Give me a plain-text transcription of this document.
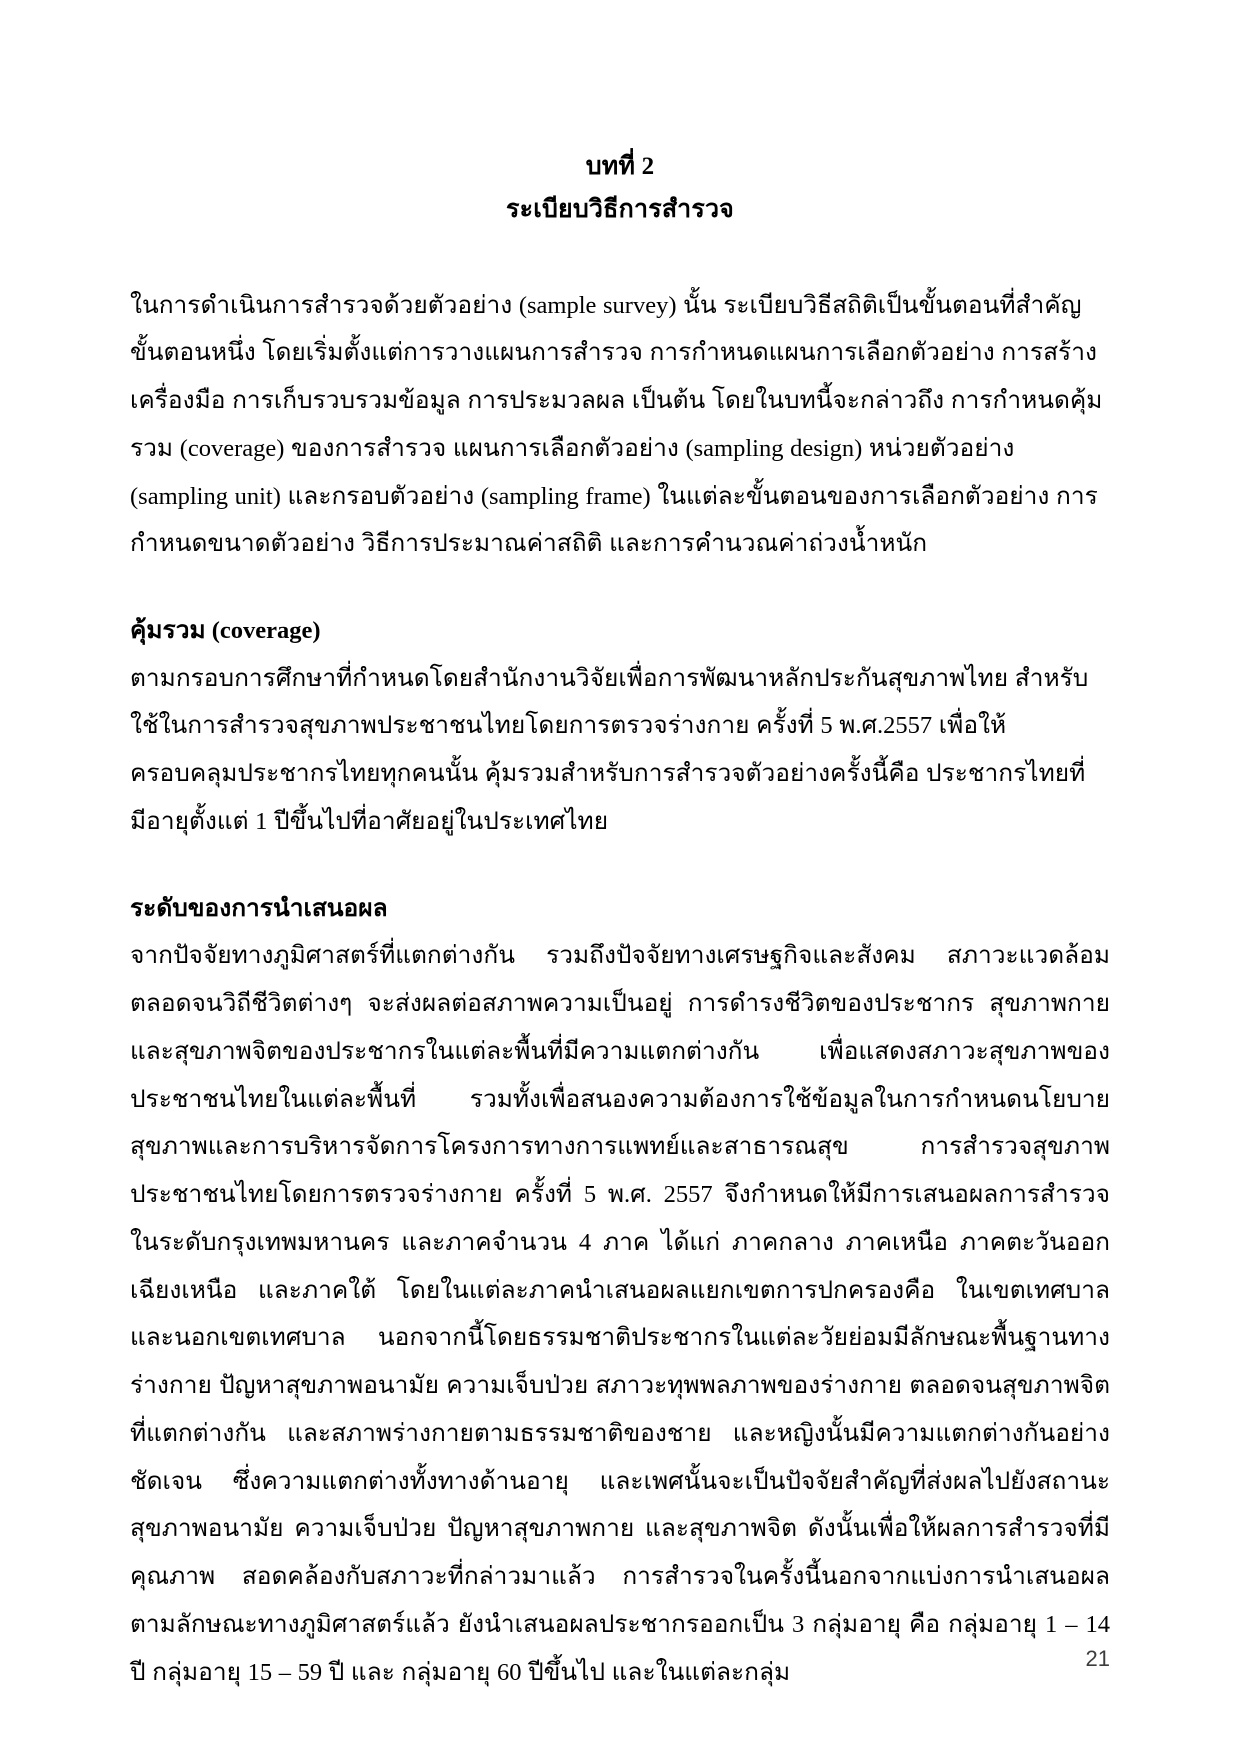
บทที่ 2
ระเบียบวิธีการสำรวจ

ในการดำเนินการสำรวจด้วยตัวอย่าง (sample survey) นั้น ระเบียบวิธีสถิติเป็นขั้นตอนที่สำคัญขั้นตอนหนึ่ง โดยเริ่มตั้งแต่การวางแผนการสำรวจ การกำหนดแผนการเลือกตัวอย่าง การสร้างเครื่องมือ การเก็บรวบรวมข้อมูล การประมวลผล เป็นต้น โดยในบทนี้จะกล่าวถึง การกำหนดคุ้มรวม (coverage) ของการสำรวจ แผนการเลือกตัวอย่าง (sampling design) หน่วยตัวอย่าง (sampling unit) และกรอบตัวอย่าง (sampling frame) ในแต่ละขั้นตอนของการเลือกตัวอย่าง การกำหนดขนาดตัวอย่าง วิธีการประมาณค่าสถิติ และการคำนวณค่าถ่วงน้ำหนัก

คุ้มรวม (coverage)

ตามกรอบการศึกษาที่กำหนดโดยสำนักงานวิจัยเพื่อการพัฒนาหลักประกันสุขภาพไทย สำหรับใช้ในการสำรวจสุขภาพประชาชนไทยโดยการตรวจร่างกาย ครั้งที่ 5 พ.ศ.2557 เพื่อให้ครอบคลุมประชากรไทยทุกคนนั้น คุ้มรวมสำหรับการสำรวจตัวอย่างครั้งนี้คือ ประชากรไทยที่มีอายุตั้งแต่ 1 ปีขึ้นไปที่อาศัยอยู่ในประเทศไทย

ระดับของการนำเสนอผล

จากปัจจัยทางภูมิศาสตร์ที่แตกต่างกัน รวมถึงปัจจัยทางเศรษฐกิจและสังคม สภาวะแวดล้อม ตลอดจนวิถีชีวิตต่างๆ จะส่งผลต่อสภาพความเป็นอยู่ การดำรงชีวิตของประชากร สุขภาพกาย และสุขภาพจิตของประชากรในแต่ละพื้นที่มีความแตกต่างกัน เพื่อแสดงสภาวะสุขภาพของประชาชนไทยในแต่ละพื้นที่ รวมทั้งเพื่อสนองความต้องการใช้ข้อมูลในการกำหนดนโยบายสุขภาพและการบริหารจัดการโครงการทางการแพทย์และสาธารณสุข การสำรวจสุขภาพประชาชนไทยโดยการตรวจร่างกาย ครั้งที่ 5 พ.ศ. 2557 จึงกำหนดให้มีการเสนอผลการสำรวจในระดับกรุงเทพมหานคร และภาคจำนวน 4 ภาค ได้แก่ ภาคกลาง ภาคเหนือ ภาคตะวันออกเฉียงเหนือ และภาคใต้ โดยในแต่ละภาคนำเสนอผลแยกเขตการปกครองคือ ในเขตเทศบาล และนอกเขตเทศบาล นอกจากนี้โดยธรรมชาติประชากรในแต่ละวัยย่อมมีลักษณะพื้นฐานทางร่างกาย ปัญหาสุขภาพอนามัย ความเจ็บป่วย สภาวะทุพพลภาพของร่างกาย ตลอดจนสุขภาพจิตที่แตกต่างกัน และสภาพร่างกายตามธรรมชาติของชาย และหญิงนั้นมีความแตกต่างกันอย่างชัดเจน ซึ่งความแตกต่างทั้งทางด้านอายุ และเพศนั้นจะเป็นปัจจัยสำคัญที่ส่งผลไปยังสถานะสุขภาพอนามัย ความเจ็บป่วย ปัญหาสุขภาพกาย และสุขภาพจิต ดังนั้นเพื่อให้ผลการสำรวจที่มีคุณภาพ สอดคล้องกับสภาวะที่กล่าวมาแล้ว การสำรวจในครั้งนี้นอกจากแบ่งการนำเสนอผลตามลักษณะทางภูมิศาสตร์แล้ว ยังนำเสนอผลประชากรออกเป็น 3 กลุ่มอายุ คือ กลุ่มอายุ 1 – 14 ปี กลุ่มอายุ 15 – 59 ปี และ กลุ่มอายุ 60 ปีขึ้นไป และในแต่ละกลุ่ม

21
